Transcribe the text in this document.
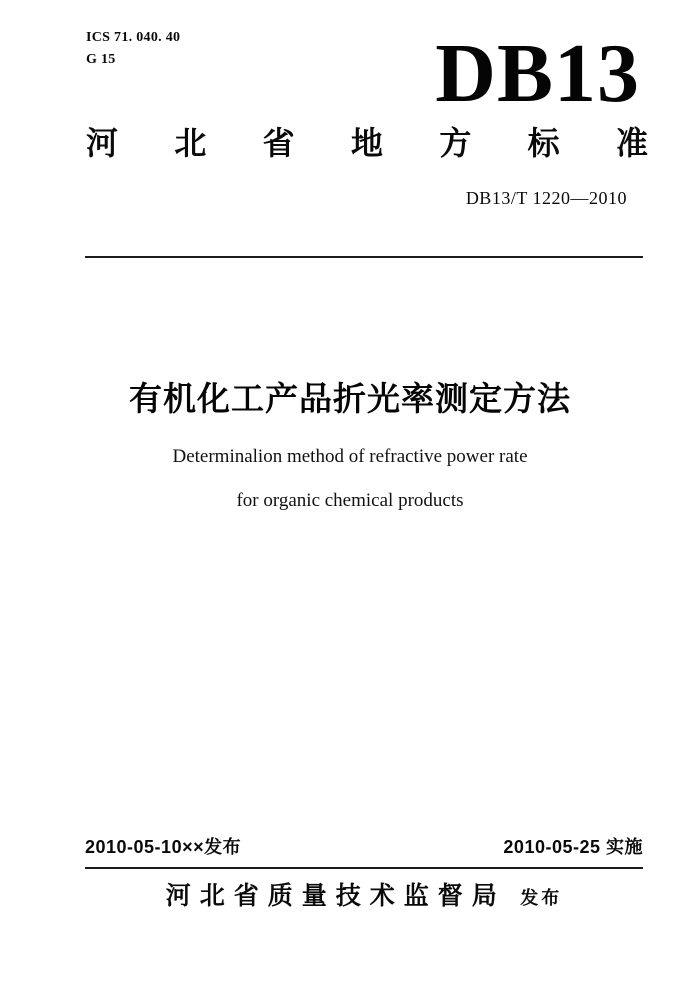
ICS 71. 040. 40
G 15	DB13
河 北 省 地 方 标 准
DB13/T 1220—2010
有机化工产品折光率测定方法
Determinalion method of refractive power rate
for organic chemical products
2010-05-10××发布	2010-05-25 实施
河北省质量技术监督局 发布
